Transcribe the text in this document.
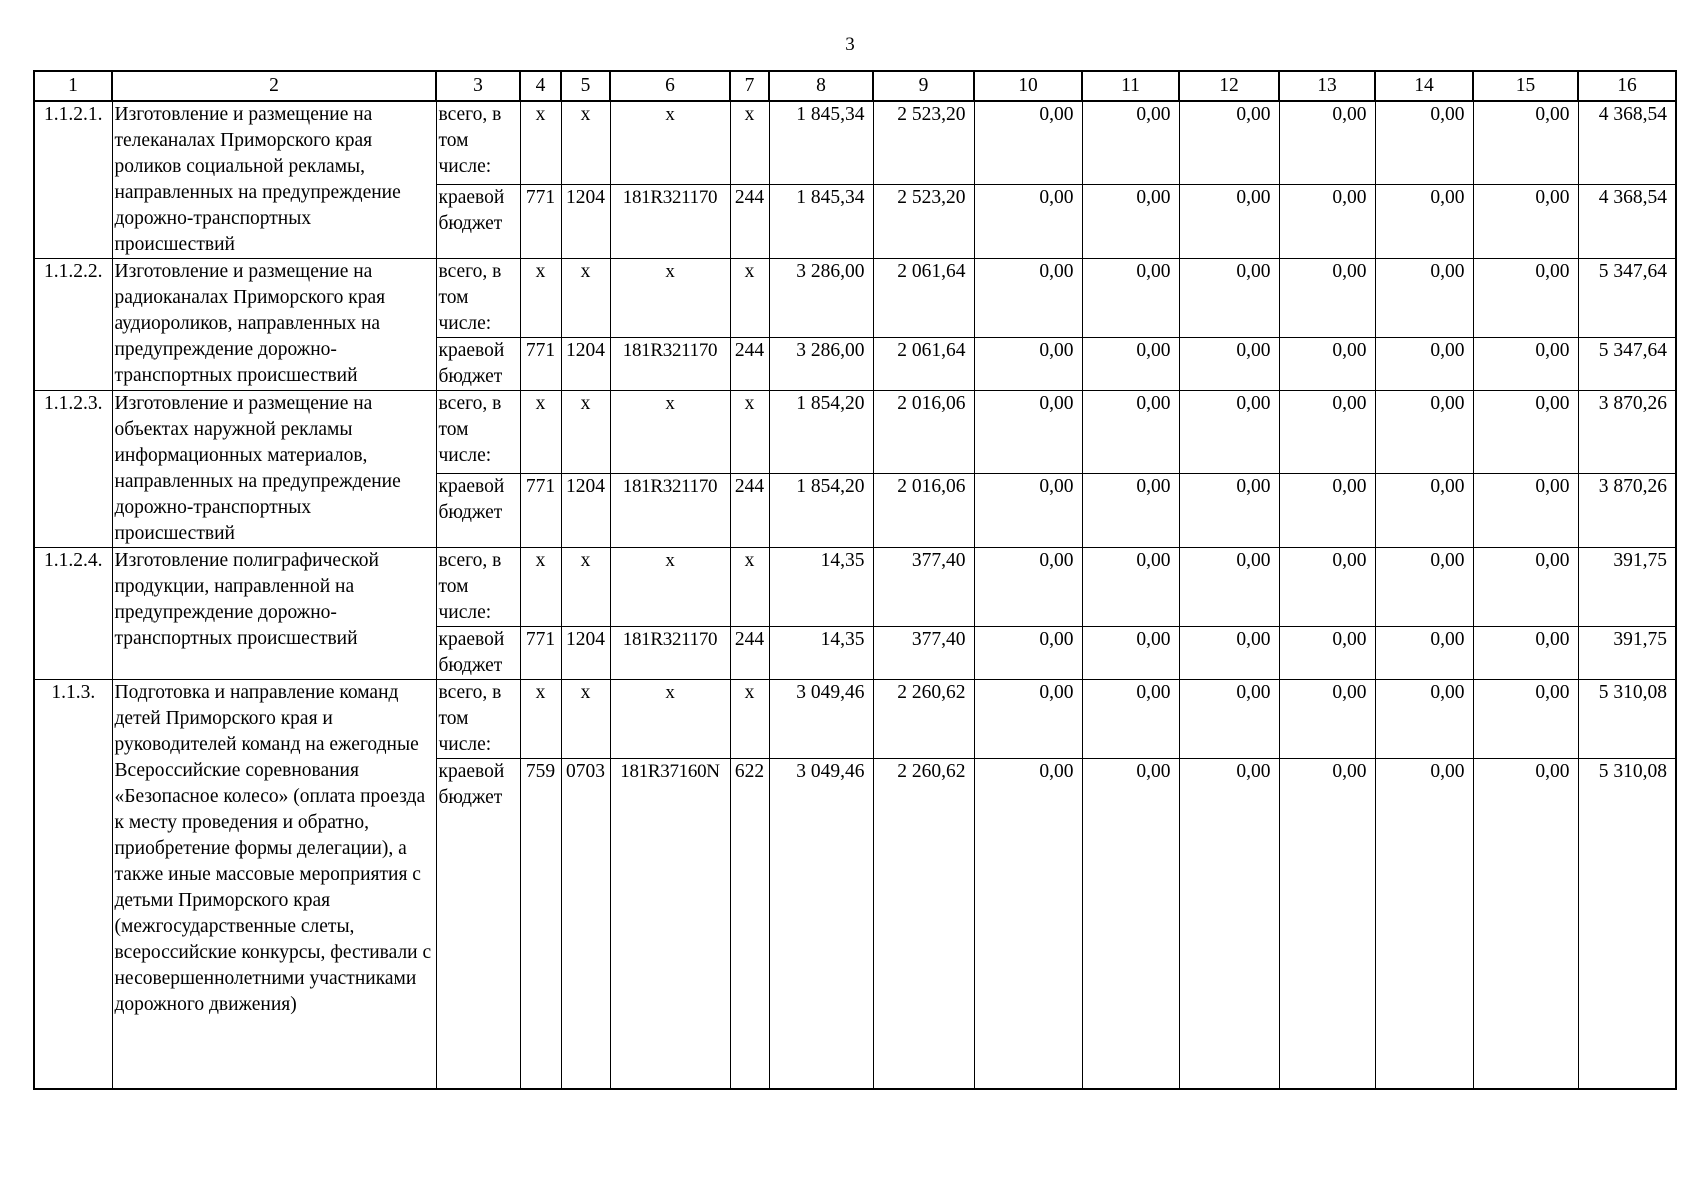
3
1	2	3	4	5	6	7	8	9	10	11	12	13	14	15	16
1.1.2.1.	Изготовление и размещение на телеканалах Приморского края роликов социальной рекламы, направленных на предупреждение дорожно-транспортных происшествий	всего, в том числе:	x	x	x	x	1 845,34	2 523,20	0,00	0,00	0,00	0,00	0,00	0,00	4 368,54
		краевой бюджет	771	1204	181R321170	244	1 845,34	2 523,20	0,00	0,00	0,00	0,00	0,00	0,00	4 368,54
1.1.2.2.	Изготовление и размещение на радиоканалах Приморского края аудиороликов, направленных на предупреждение дорожно-транспортных происшествий	всего, в том числе:	x	x	x	x	3 286,00	2 061,64	0,00	0,00	0,00	0,00	0,00	0,00	5 347,64
		краевой бюджет	771	1204	181R321170	244	3 286,00	2 061,64	0,00	0,00	0,00	0,00	0,00	0,00	5 347,64
1.1.2.3.	Изготовление и размещение на объектах наружной рекламы информационных материалов, направленных на предупреждение дорожно-транспортных происшествий	всего, в том числе:	x	x	x	x	1 854,20	2 016,06	0,00	0,00	0,00	0,00	0,00	0,00	3 870,26
		краевой бюджет	771	1204	181R321170	244	1 854,20	2 016,06	0,00	0,00	0,00	0,00	0,00	0,00	3 870,26
1.1.2.4.	Изготовление полиграфической продукции, направленной на предупреждение дорожно-транспортных происшествий	всего, в том числе:	x	x	x	x	14,35	377,40	0,00	0,00	0,00	0,00	0,00	0,00	391,75
		краевой бюджет	771	1204	181R321170	244	14,35	377,40	0,00	0,00	0,00	0,00	0,00	0,00	391,75
1.1.3.	Подготовка и направление команд детей Приморского края и руководителей команд на ежегодные Всероссийские соревнования «Безопасное колесо» (оплата проезда к месту проведения и обратно, приобретение формы делегации), а также иные массовые мероприятия с детьми Приморского края (межгосударственные слеты, всероссийские конкурсы, фестивали с несовершеннолетними участниками дорожного движения)	всего, в том числе:	x	x	x	x	3 049,46	2 260,62	0,00	0,00	0,00	0,00	0,00	0,00	5 310,08
		краевой бюджет	759	0703	181R37160N	622	3 049,46	2 260,62	0,00	0,00	0,00	0,00	0,00	0,00	5 310,08
